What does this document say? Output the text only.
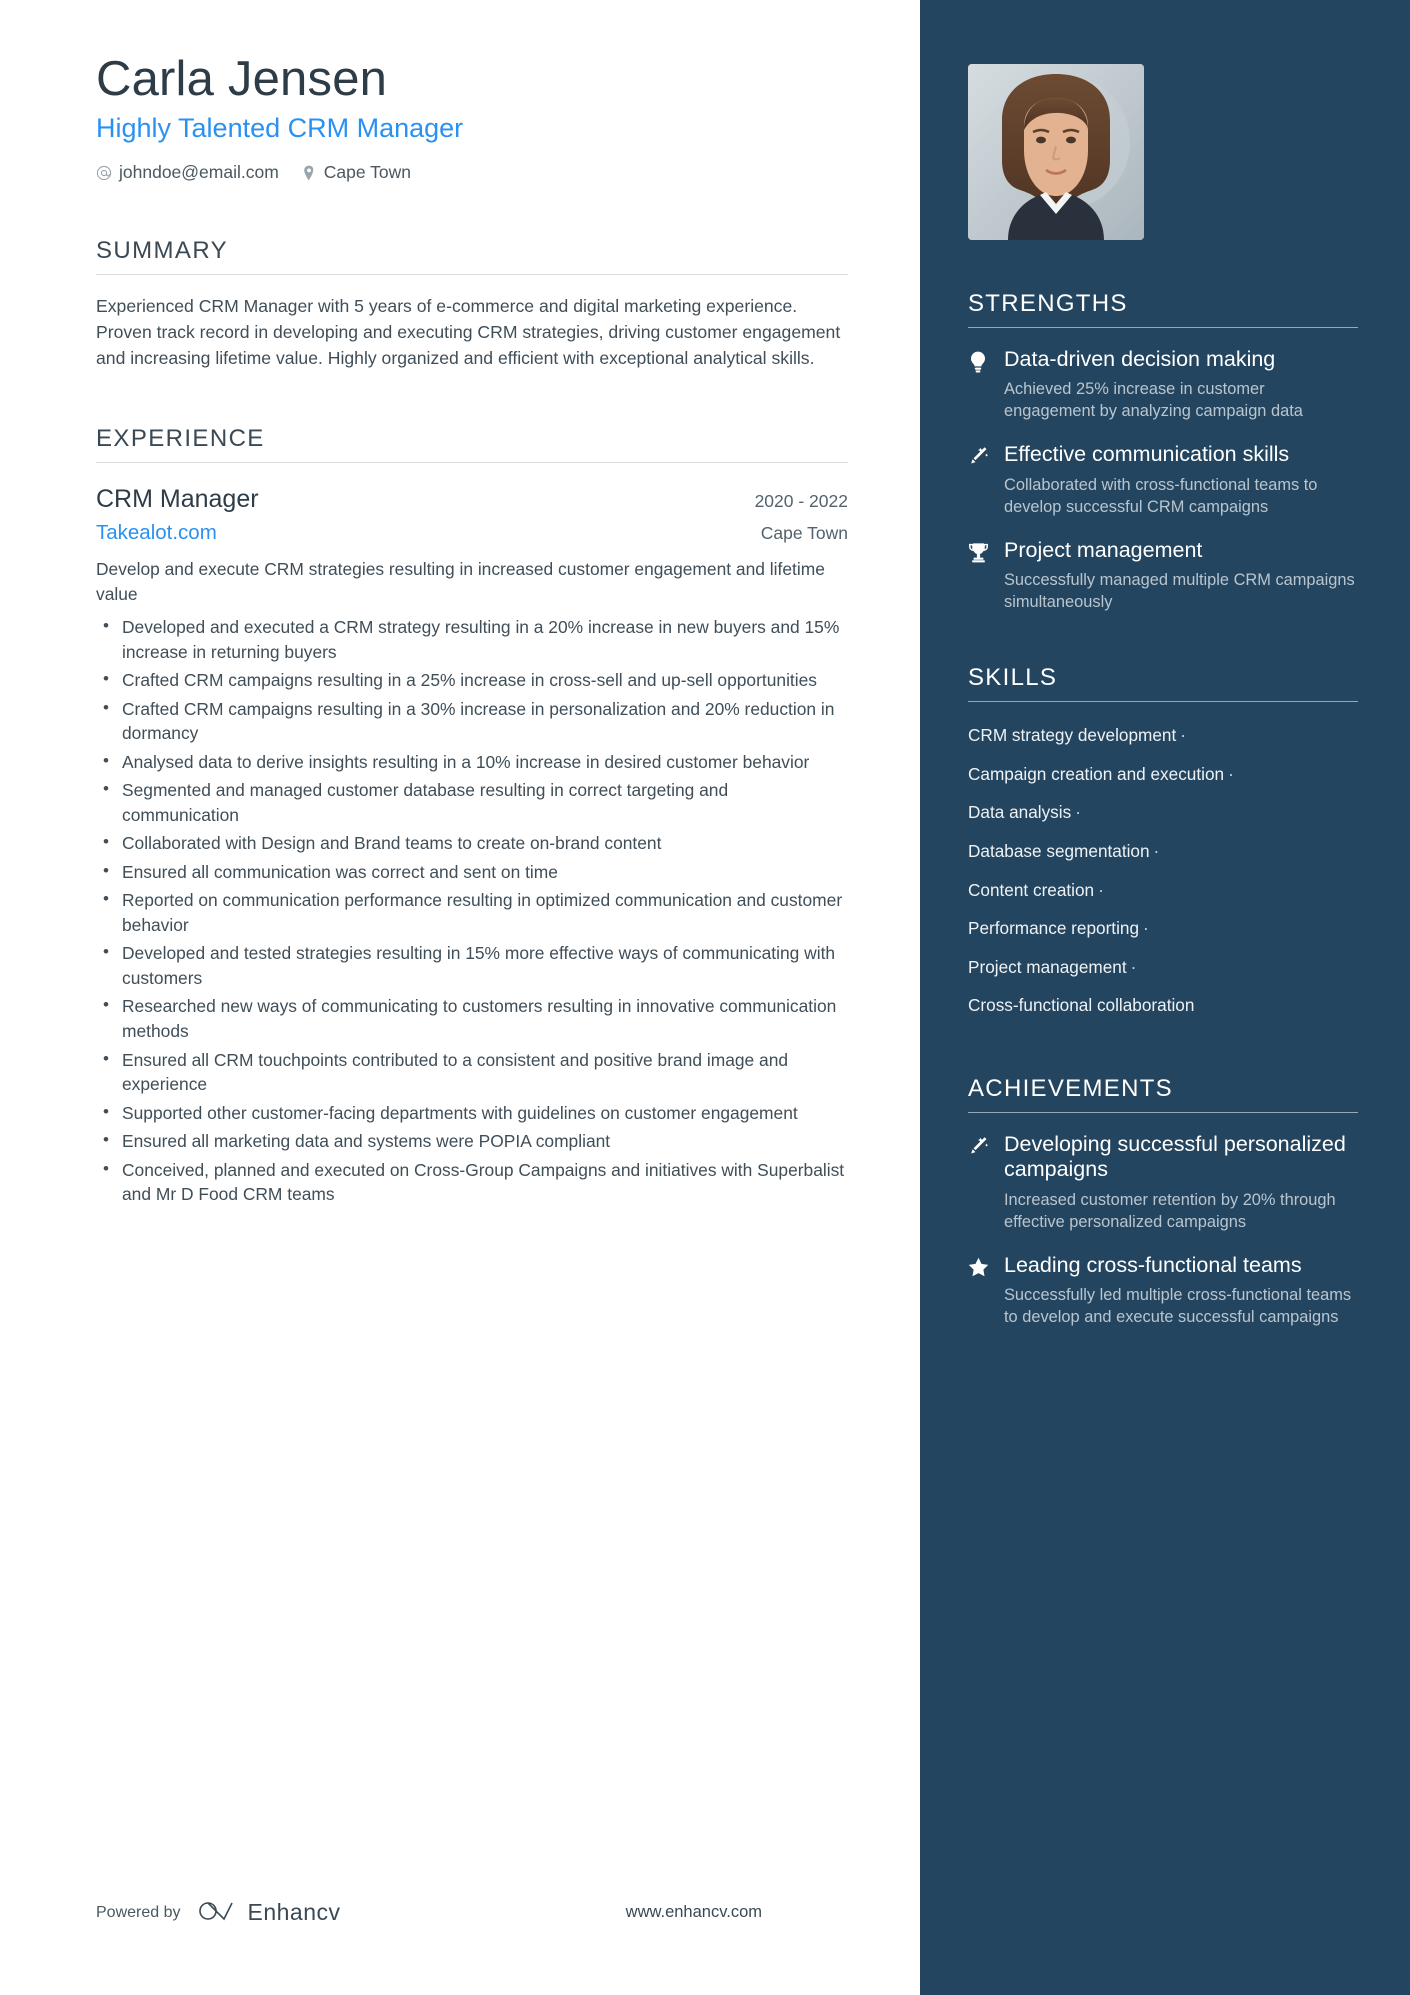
Carla Jensen
Highly Talented CRM Manager
johndoe@email.com	Cape Town
SUMMARY
Experienced CRM Manager with 5 years of e-commerce and digital marketing experience. Proven track record in developing and executing CRM strategies, driving customer engagement and increasing lifetime value. Highly organized and efficient with exceptional analytical skills.
EXPERIENCE
CRM Manager	2020 - 2022
Takealot.com	Cape Town
Develop and execute CRM strategies resulting in increased customer engagement and lifetime value
• Developed and executed a CRM strategy resulting in a 20% increase in new buyers and 15% increase in returning buyers
• Crafted CRM campaigns resulting in a 25% increase in cross-sell and up-sell opportunities
• Crafted CRM campaigns resulting in a 30% increase in personalization and 20% reduction in dormancy
• Analysed data to derive insights resulting in a 10% increase in desired customer behavior
• Segmented and managed customer database resulting in correct targeting and communication
• Collaborated with Design and Brand teams to create on-brand content
• Ensured all communication was correct and sent on time
• Reported on communication performance resulting in optimized communication and customer behavior
• Developed and tested strategies resulting in 15% more effective ways of communicating with customers
• Researched new ways of communicating to customers resulting in innovative communication methods
• Ensured all CRM touchpoints contributed to a consistent and positive brand image and experience
• Supported other customer-facing departments with guidelines on customer engagement
• Ensured all marketing data and systems were POPIA compliant
• Conceived, planned and executed on Cross-Group Campaigns and initiatives with Superbalist and Mr D Food CRM teams
Powered by	Enhancv	www.enhancv.com
STRENGTHS
Data-driven decision making
Achieved 25% increase in customer engagement by analyzing campaign data
Effective communication skills
Collaborated with cross-functional teams to develop successful CRM campaigns
Project management
Successfully managed multiple CRM campaigns simultaneously
SKILLS
CRM strategy development ·
Campaign creation and execution ·
Data analysis ·
Database segmentation ·
Content creation ·
Performance reporting ·
Project management ·
Cross-functional collaboration
ACHIEVEMENTS
Developing successful personalized campaigns
Increased customer retention by 20% through effective personalized campaigns
Leading cross-functional teams
Successfully led multiple cross-functional teams to develop and execute successful campaigns
